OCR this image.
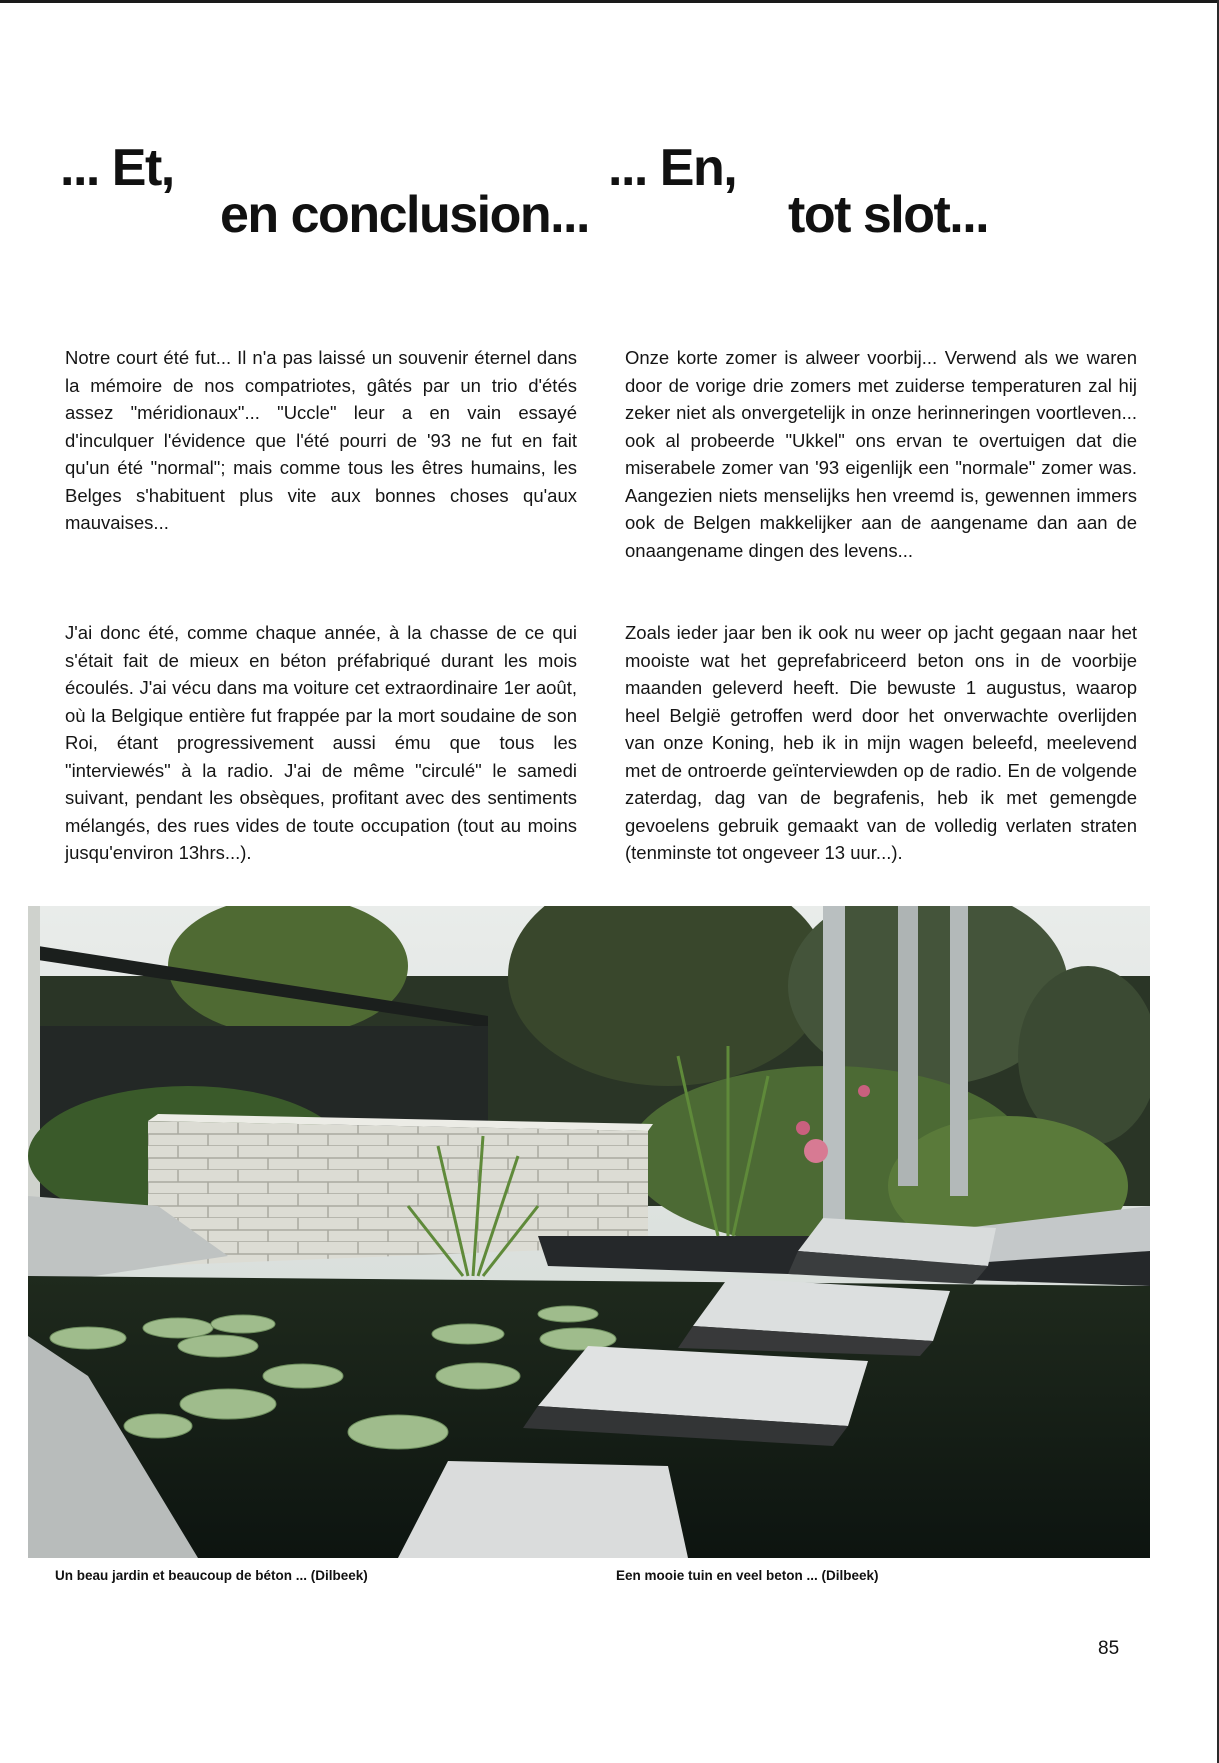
... Et,
en conclusion...
... En,
tot slot...

Notre court été fut... Il n'a pas laissé un souvenir éternel dans la mémoire de nos compatriotes, gâtés par un trio d'étés assez "méridionaux"... "Uccle" leur a en vain essayé d'inculquer l'évidence que l'été pourri de '93 ne fut en fait qu'un été "normal"; mais comme tous les êtres humains, les Belges s'habituent plus vite aux bonnes choses qu'aux mauvaises...

J'ai donc été, comme chaque année, à la chasse de ce qui s'était fait de mieux en béton préfabriqué durant les mois écoulés. J'ai vécu dans ma voiture cet extraordinaire 1er août, où la Belgique entière fut frappée par la mort soudaine de son Roi, étant progressivement aussi ému que tous les "interviewés" à la radio. J'ai de même "circulé" le samedi suivant, pendant les obsèques, profitant avec des sentiments mélangés, des rues vides de toute occupation (tout au moins jusqu'environ 13hrs...).

Onze korte zomer is alweer voorbij... Verwend als we waren door de vorige drie zomers met zuiderse temperaturen zal hij zeker niet als onvergetelijk in onze herinneringen voortleven... ook al probeerde "Ukkel" ons ervan te overtuigen dat die miserabele zomer van '93 eigenlijk een "normale" zomer was. Aangezien niets menselijks hen vreemd is, gewennen immers ook de Belgen makkelijker aan de aangename dan aan de onaangename dingen des levens...

Zoals ieder jaar ben ik ook nu weer op jacht gegaan naar het mooiste wat het geprefabriceerd beton ons in de voorbije maanden geleverd heeft. Die bewuste 1 augustus, waarop heel België getroffen werd door het onverwachte overlijden van onze Koning, heb ik in mijn wagen beleefd, meelevend met de ontroerde geïnterviewden op de radio. En de volgende zaterdag, dag van de begrafenis, heb ik met gemengde gevoelens gebruik gemaakt van de volledig verlaten straten (tenminste tot ongeveer 13 uur...).

Un beau jardin et beaucoup de béton ... (Dilbeek)	Een mooie tuin en veel beton ... (Dilbeek)

85
